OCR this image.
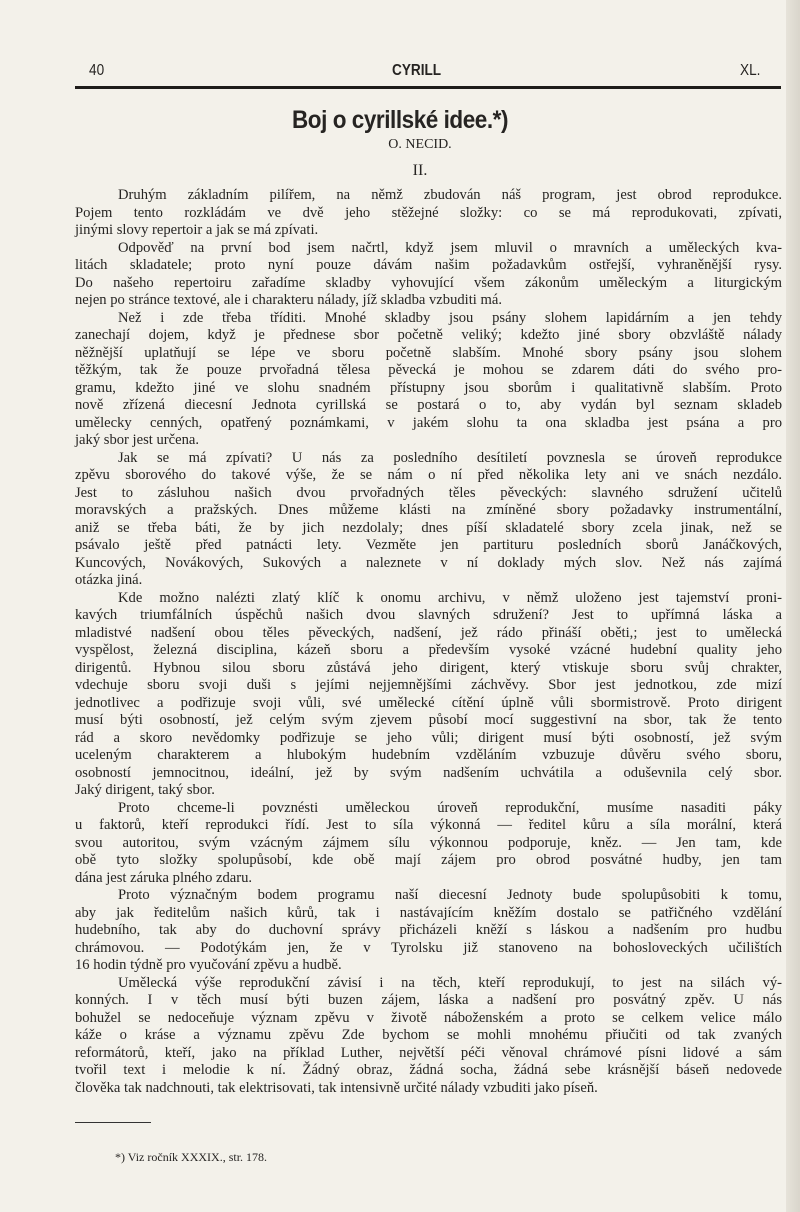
40	CYRILL	XL.
Boj o cyrillské idee.*)
O. NECID.
II.
Druhým základním pilířem, na němž zbudován náš program, jest obrod reprodukce.
Pojem tento rozkládám ve dvě jeho stěžejné složky: co se má reprodukovati, zpívati,
jinými slovy repertoir a jak se má zpívati.
Odpověď na první bod jsem načrtl, když jsem mluvil o mravních a uměleckých kva-
litách skladatele; proto nyní pouze dávám našim požadavkům ostřejší, vyhraněnější rysy.
Do našeho repertoiru zařadíme skladby vyhovující všem zákonům uměleckým a liturgickým
nejen po stránce textové, ale i charakteru nálady, jíž skladba vzbuditi má.
Než i zde třeba tříditi. Mnohé skladby jsou psány slohem lapidárním a jen tehdy
zanechají dojem, když je přednese sbor početně veliký; kdežto jiné sbory obzvláště nálady
něžnější uplatňují se lépe ve sboru početně slabším. Mnohé sbory psány jsou slohem
těžkým, tak že pouze prvořadná tělesa pěvecká je mohou se zdarem dáti do svého pro-
gramu, kdežto jiné ve slohu snadném přístupny jsou sborům i qualitativně slabším. Proto
nově zřízená diecesní Jednota cyrillská se postará o to, aby vydán byl seznam skladeb
umělecky cenných, opatřený poznámkami, v jakém slohu ta ona skladba jest psána a pro
jaký sbor jest určena.
Jak se má zpívati? U nás za posledního desítiletí povznesla se úroveň reprodukce
zpěvu sborového do takové výše, že se nám o ní před několika lety ani ve snách nezdálo.
Jest to zásluhou našich dvou prvořadných těles pěveckých: slavného sdružení učitelů
moravských a pražských. Dnes můžeme klásti na zmíněné sbory požadavky instrumentální,
aniž se třeba báti, že by jich nezdolaly; dnes píší skladatelé sbory zcela jinak, než se
psávalo ještě před patnácti lety. Vezměte jen partituru posledních sborů Janáčkových,
Kuncových, Novákových, Sukových a naleznete v ní doklady mých slov. Než nás zajímá
otázka jiná.
Kde možno nalézti zlatý klíč k onomu archivu, v němž uloženo jest tajemství proni-
kavých triumfálních úspěchů našich dvou slavných sdružení? Jest to upřímná láska a
mladistvé nadšení obou těles pěveckých, nadšení, jež rádo přináší oběti,; jest to umělecká
vyspělost, železná disciplina, kázeň sboru a především vysoké vzácné hudební quality jeho
dirigentů. Hybnou silou sboru zůstává jeho dirigent, který vtiskuje sboru svůj chrakter,
vdechuje sboru svoji duši s jejími nejjemnějšími záchvěvy. Sbor jest jednotkou, zde mizí
jednotlivec a podřizuje svoji vůli, své umělecké cítění úplně vůli sbormistrově. Proto dirigent
musí býti osobností, jež celým svým zjevem působí mocí suggestivní na sbor, tak že tento
rád a skoro nevědomky podřizuje se jeho vůli; dirigent musí býti osobností, jež svým
uceleným charakterem a hlubokým hudebním vzděláním vzbuzuje důvěru svého sboru,
osobností jemnocitnou, ideální, jež by svým nadšením uchvátila a oduševnila celý sbor.
Jaký dirigent, taký sbor.
Proto chceme-li povznésti uměleckou úroveň reprodukční, musíme nasaditi páky
u faktorů, kteří reprodukci řídí. Jest to síla výkonná — ředitel kůru a síla morální, která
svou autoritou, svým vzácným zájmem sílu výkonnou podporuje, kněz. — Jen tam, kde
obě tyto složky spolupůsobí, kde obě mají zájem pro obrod posvátné hudby, jen tam
dána jest záruka plného zdaru.
Proto význačným bodem programu naší diecesní Jednoty bude spolupůsobiti k tomu,
aby jak ředitelům našich kůrů, tak i nastávajícím kněžím dostalo se patřičného vzdělání
hudebního, tak aby do duchovní správy přicházeli kněží s láskou a nadšením pro hudbu
chrámovou. — Podotýkám jen, že v Tyrolsku již stanoveno na bohosloveckých učilištích
16 hodin týdně pro vyučování zpěvu a hudbě.
Umělecká výše reprodukční závisí i na těch, kteří reprodukují, to jest na silách vý-
konných. I v těch musí býti buzen zájem, láska a nadšení pro posvátný zpěv. U nás
bohužel se nedoceňuje význam zpěvu v životě náboženském a proto se celkem velice málo
káže o kráse a významu zpěvu Zde bychom se mohli mnohému přiučiti od tak zvaných
reformátorů, kteří, jako na příklad Luther, největší péči věnoval chrámové písni lidové a sám
tvořil text i melodie k ní. Žádný obraz, žádná socha, žádná sebe krásnější báseň nedovede
člověka tak nadchnouti, tak elektrisovati, tak intensivně určité nálady vzbuditi jako píseň.
*) Viz ročník XXXIX., str. 178.
